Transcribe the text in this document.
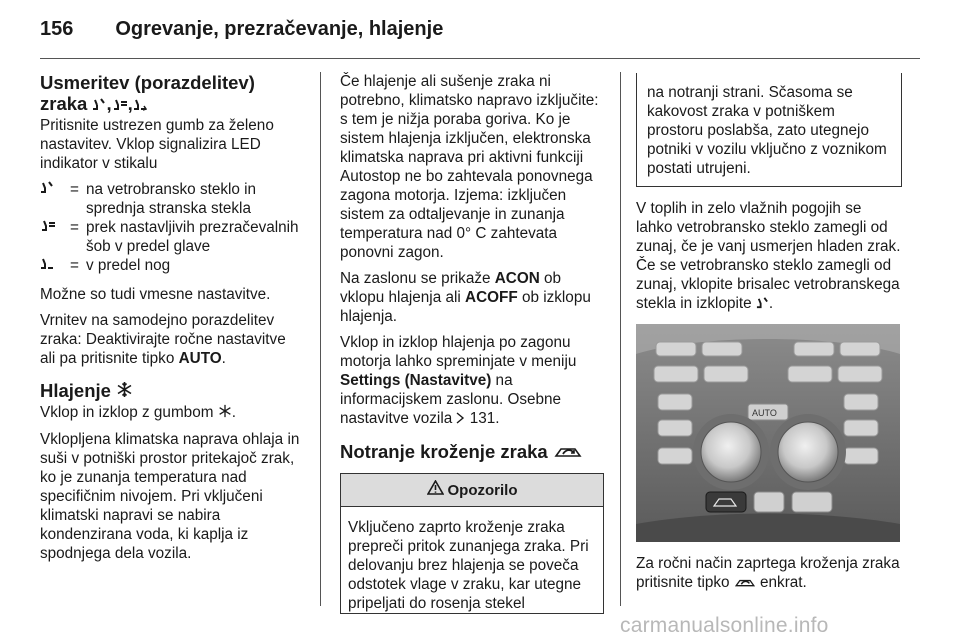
156 Ogrevanje, prezračevanje, hlajenje
Usmeritev (porazdelitev)
zraka , ,

Pritisnite ustrezen gumb za želeno nastavitev. Vklop signalizira LED indikator v stikalu

= na vetrobransko steklo in sprednja stranska stekla
= prek nastavljivih prezračevalnih šob v predel glave
= v predel nog

Možne so tudi vmesne nastavitve.

Vrnitev na samodejno porazdelitev zraka: Deaktivirajte ročne nastavitve ali pa pritisnite tipko AUTO.

Hlajenje

Vklop in izklop z gumbom .

Vklopljena klimatska naprava ohlaja in suši v potniški prostor pritekajoč zrak, ko je zunanja temperatura nad specifičnim nivojem. Pri vključeni klimatski napravi se nabira kondenzirana voda, ki kaplja iz spodnjega dela vozila.

Če hlajenje ali sušenje zraka ni potrebno, klimatsko napravo izključite: s tem je nižja poraba goriva. Ko je sistem hlajenja izključen, elektronska klimatska naprava pri aktivni funkciji Autostop ne bo zahtevala ponovnega zagona motorja. Izjema: izključen sistem za odtaljevanje in zunanja temperatura nad 0° C zahtevata ponovni zagon.

Na zaslonu se prikaže ACON ob vklopu hlajenja ali ACOFF ob izklopu hlajenja.

Vklop in izklop hlajenja po zagonu motorja lahko spreminjate v meniju Settings (Nastavitve) na informacijskem zaslonu. Osebne nastavitve vozila  131.

Notranje kroženje zraka
Opozorilo
Vključeno zaprto kroženje zraka prepreči pritok zunanjega zraka. Pri delovanju brez hlajenja se poveča odstotek vlage v zraku, kar utegne pripeljati do rosenja stekel
na notranji strani. Sčasoma se kakovost zraka v potniškem prostoru poslabša, zato utegnejo potniki v vozilu vključno z voznikom postati utrujeni.

V toplih in zelo vlažnih pogojih se lahko vetrobransko steklo zamegli od zunaj, če je vanj usmerjen hladen zrak. Če se vetrobransko steklo zamegli od zunaj, vklopite brisalec vetrobranskega stekla in izklopite .

AUTO

Za ročni način zaprtega kroženja zraka pritisnite tipko  enkrat.

carmanualsonline.info
